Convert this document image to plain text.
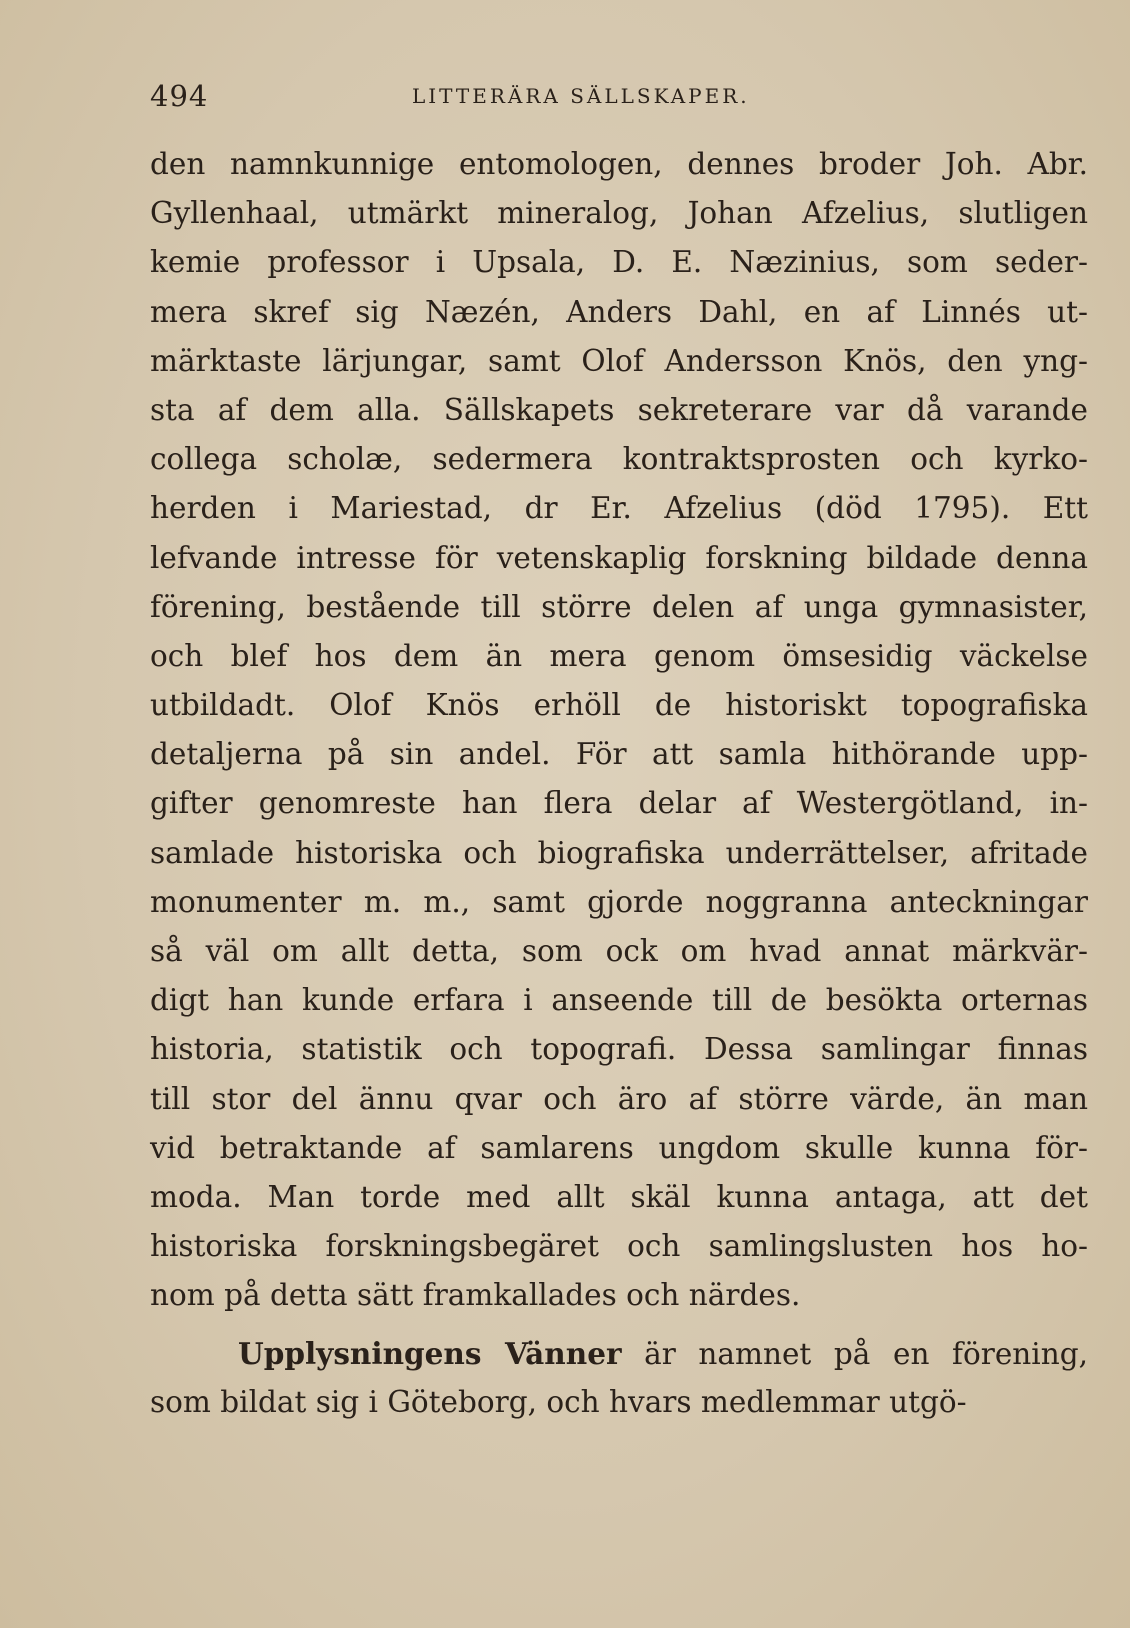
494	LITTERÄRA SÄLLSKAPER.
den namnkunnige entomologen, dennes broder Joh. Abr.
Gyllenhaal, utmärkt mineralog, Johan Afzelius, slutligen
kemie professor i Upsala, D. E. Næzinius, som seder-
mera skref sig Næzén, Anders Dahl, en af Linnés ut-
märktaste lärjungar, samt Olof Andersson Knös, den yng-
sta af dem alla. Sällskapets sekreterare var då varande
collega scholæ, sedermera kontraktsprosten och kyrko-
herden i Mariestad, dr Er. Afzelius (död 1795). Ett
lefvande intresse för vetenskaplig forskning bildade denna
förening, bestående till större delen af unga gymnasister,
och blef hos dem än mera genom ömsesidig väckelse
utbildadt. Olof Knös erhöll de historiskt topografiska
detaljerna på sin andel. För att samla hithörande upp-
gifter genomreste han flera delar af Westergötland, in-
samlade historiska och biografiska underrättelser, afritade
monumenter m. m., samt gjorde noggranna anteckningar
så väl om allt detta, som ock om hvad annat märkvär-
digt han kunde erfara i anseende till de besökta orternas
historia, statistik och topografi. Dessa samlingar finnas
till stor del ännu qvar och äro af större värde, än man
vid betraktande af samlarens ungdom skulle kunna för-
moda. Man torde med allt skäl kunna antaga, att det
historiska forskningsbegäret och samlingslusten hos ho-
nom på detta sätt framkallades och närdes.
Upplysningens Vänner är namnet på en förening,
som bildat sig i Göteborg, och hvars medlemmar utgö-
